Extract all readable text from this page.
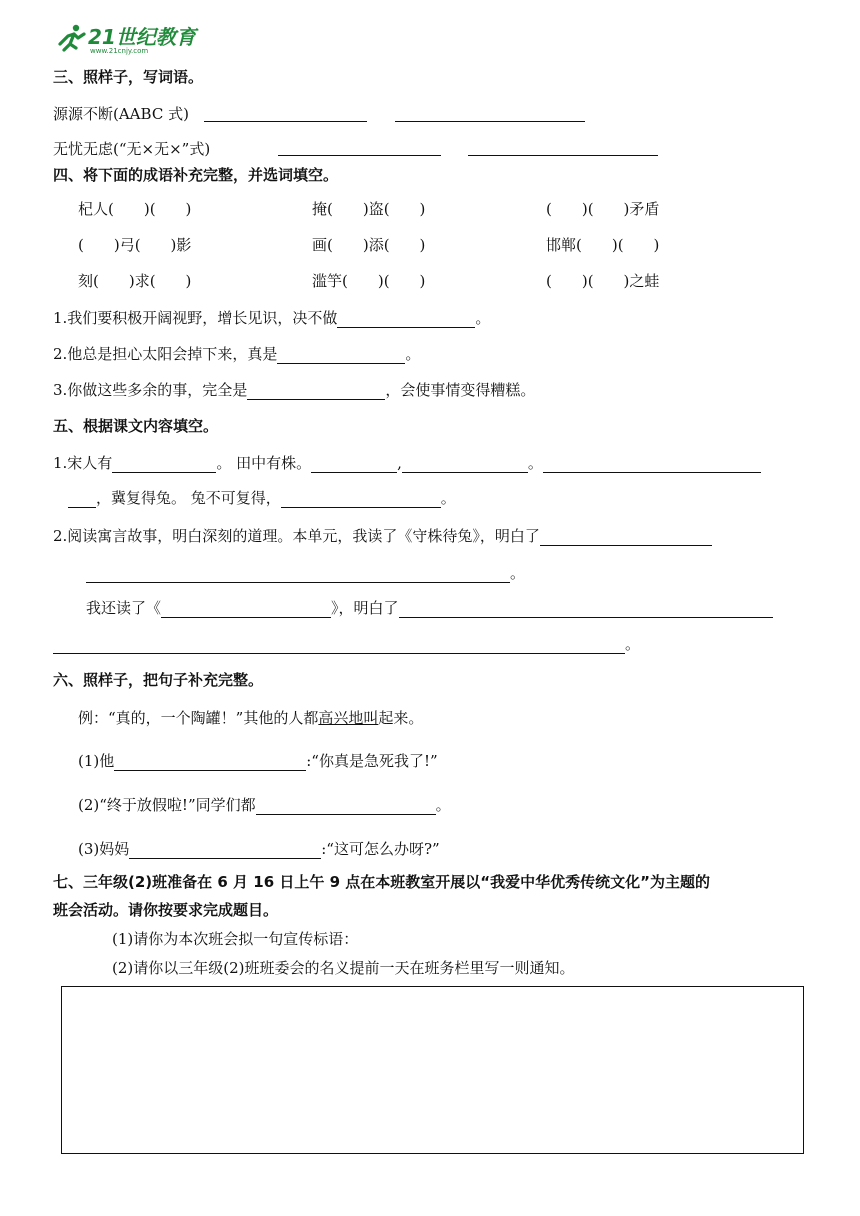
21世纪教育
www.21cnjy.com
三、照样子，写词语。
源源不断(AABC 式)
无忧无虑(“无×无×”式)
四、将下面的成语补充完整，并选词填空。
杞人(　　)(　　)	掩(　　)盗(　　)	(　　)(　　)矛盾
(　　)弓(　　)影	画(　　)添(　　)	邯郸(　　)(　　)
刻(　　)求(　　)	滥竽(　　)(　　)	(　　)(　　)之蛙
1.我们要积极开阔视野，增长见识，决不做	。
2.他总是担心太阳会掉下来，真是	。
3.你做这些多余的事，完全是	，会使事情变得糟糕。
五、根据课文内容填空。
1.宋人有	。 田中有株。	,	。
，冀复得兔。 兔不可复得，	。
2.阅读寓言故事，明白深刻的道理。本单元，我读了《守株待兔》，明白了
。
我还读了《	》，明白了
。
六、照样子，把句子补充完整。
例：“真的，一个陶罐！”其他的人都高兴地叫起来。
(1)他	:“你真是急死我了!”
(2)“终于放假啦!”同学们都	。
(3)妈妈	:“这可怎么办呀?”
七、三年级(2)班准备在 6 月 16 日上午 9 点在本班教室开展以“我爱中华优秀传统文化”为主题的
班会活动。请你按要求完成题目。
(1)请你为本次班会拟一句宣传标语：
(2)请你以三年级(2)班班委会的名义提前一天在班务栏里写一则通知。
